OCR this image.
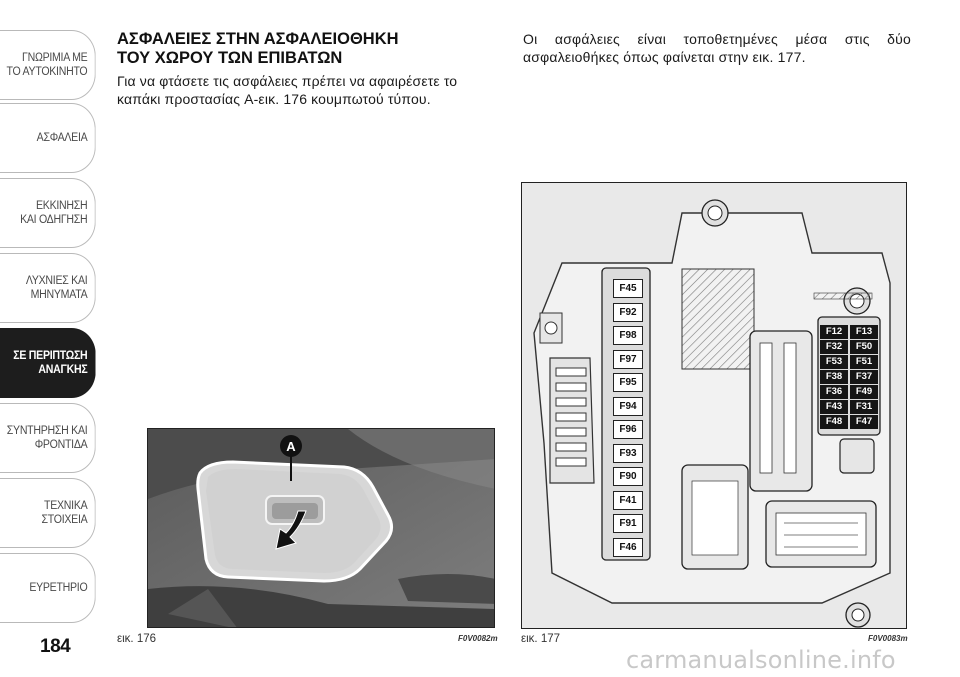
ΓΝΩΡΙΜΙΑ ΜΕ
ΤΟ ΑΥΤΟΚΙΝΗΤΟ
ΑΣΦΑΛΕΙΑ
ΕΚΚΙΝΗΣΗ
ΚΑΙ ΟΔΗΓΗΣΗ
ΛΥΧΝΙΕΣ ΚΑΙ
ΜΗΝΥΜΑΤΑ
ΣΕ ΠΕΡΙΠΤΩΣΗ
ΑΝΑΓΚΗΣ
ΣΥΝΤΗΡΗΣΗ ΚΑΙ
ΦΡΟΝΤΙΔΑ
ΤΕΧΝΙΚΑ
ΣΤΟΙΧΕΙΑ
ΕΥΡΕΤΗΡΙΟ
184
ΑΣΦΑΛΕΙΕΣ ΣΤΗΝ ΑΣΦΑΛΕΙΟΘΗΚΗ
ΤΟΥ ΧΩΡΟΥ ΤΩΝ ΕΠΙΒΑΤΩΝ

Για να φτάσετε τις ασφάλειες πρέπει να αφαιρέσετε το καπάκι προστασίας A-εικ. 176 κουμπωτού τύπου.

A
εικ. 176	F0V0082m

Οι ασφάλειες είναι τοποθετημένες μέσα στις δύο ασφαλειοθήκες όπως φαίνεται στην εικ. 177.

F45
F92
F98
F97
F95
F94
F96
F93
F90
F41
F91
F46
F12	F13
F32	F50
F53	F51
F38	F37
F36	F49
F43	F31
F48	F47
εικ. 177	F0V0083m
carmanualsonline.info
